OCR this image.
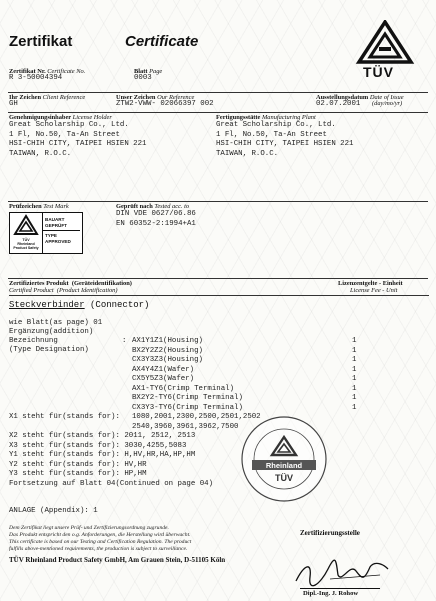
Zertifikat	Certificate
TÜV
Zertifikat Nr. Certificate No.
R 3-50004394
Blatt Page
0003
Ihr Zeichen Client Reference
GH
Unser Zeichen Our Reference
ZTW2-VWW- 02066397 002
Ausstellungsdatum Date of Issue
(day/mo/yr)
02.07.2001
Genehmigungsinhaber License Holder
Great Scholarship Co., Ltd.
1 Fl, No.50, Ta-An Street
HSI-CHIH CITY, TAIPEI HSIEN 221
TAIWAN, R.O.C.
Fertigungsstätte Manufacturing Plant
Great Scholarship Co., Ltd.
1 Fl, No.50, Ta-An Street
HSI-CHIH CITY, TAIPEI HSIEN 221
TAIWAN, R.O.C.
Prüfzeichen Test Mark
TÜV
Rheinland
Product Safety
BAUART
GEPRÜFT
TYPE
APPROVED
Geprüft nach Tested acc. to
DIN VDE 0627/06.86
EN 60352-2:1994+A1
Zertifiziertes Produkt (Geräteidentifikation)
Certified Product (Product Identification)
Lizenzentgelte - Einheit
License Fee - Unit
Steckverbinder (Connector)
wie Blatt(as page) 01
Ergänzung(addition)
Bezeichnung
(Type Designation)
: AX1Y1Z1(Housing)
BX2Y2Z2(Housing)
CX3Y3Z3(Housing)
AX4Y4Z1(Wafer)
CX5Y5Z3(Wafer)
AX1-TY6(Crimp Terminal)
BX2Y2-TY6(Crimp Terminal)
CX3Y3-TY6(Crimp Terminal)
1
1
1
1
1
1
1
1
X1 steht für(stands for): 1080,2001,2300,2500,2501,2502
2540,3960,3961,3962,7500
X2 steht für(stands for): 2011, 2512, 2513
X3 steht für(stands for): 3030,4255,5083
Y1 steht für(stands for): H,HV,HR,HA,HP,HM
Y2 steht für(stands for): HV,HR
Y3 steht für(stands for): HP,HM
Fortsetzung auf Blatt 04(Continued on page 04)
Rheinland
TÜV
ANLAGE (Appendix): 1
Dem Zertifikat liegt unsere Prüf- und Zertifizierungsordnung zugrunde.
Das Produkt entspricht den o.g. Anforderungen, die Herstellung wird überwacht.
This certificate is based on our Testing and Certification Regulation. The product
fulfills above-mentioned requirements, the production is subject to surveillance.
TÜV Rheinland Product Safety GmbH, Am Grauen Stein, D-51105 Köln
Zertifizierungsstelle
Dipl.-Ing. J. Rohow
